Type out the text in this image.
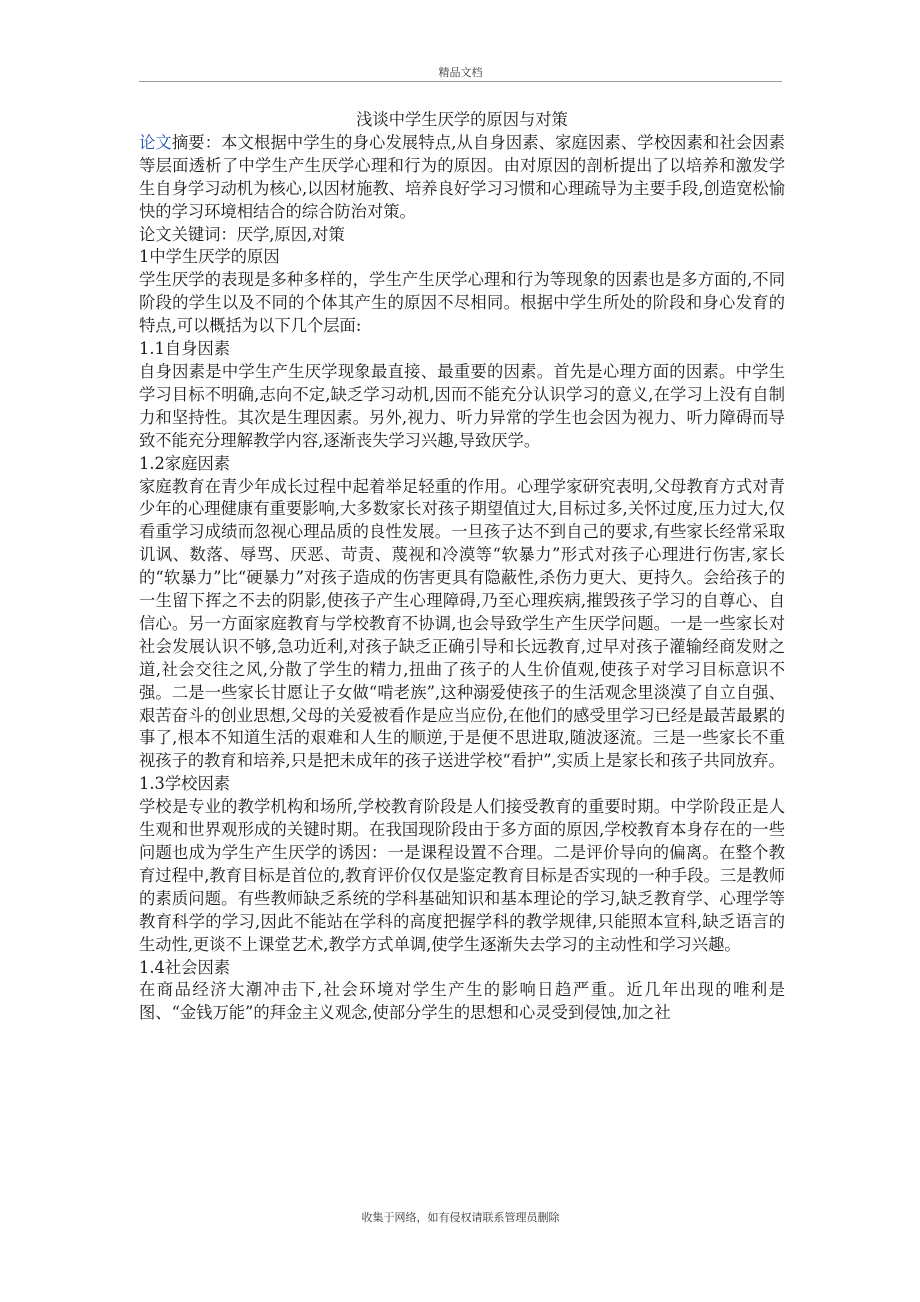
精品文档

浅谈中学生厌学的原因与对策

论文摘要：本文根据中学生的身心发展特点,从自身因素、家庭因素、学校因素和社会因素等层面透析了中学生产生厌学心理和行为的原因。由对原因的剖析提出了以培养和激发学生自身学习动机为核心,以因材施教、培养良好学习习惯和心理疏导为主要手段,创造宽松愉快的学习环境相结合的综合防治对策。

论文关键词：厌学,原因,对策

1中学生厌学的原因

学生厌学的表现是多种多样的，学生产生厌学心理和行为等现象的因素也是多方面的,不同阶段的学生以及不同的个体其产生的原因不尽相同。根据中学生所处的阶段和身心发育的特点,可以概括为以下几个层面:

1.1自身因素

自身因素是中学生产生厌学现象最直接、最重要的因素。首先是心理方面的因素。中学生学习目标不明确,志向不定,缺乏学习动机,因而不能充分认识学习的意义,在学习上没有自制力和坚持性。其次是生理因素。另外,视力、听力异常的学生也会因为视力、听力障碍而导致不能充分理解教学内容,逐渐丧失学习兴趣,导致厌学。

1.2家庭因素

家庭教育在青少年成长过程中起着举足轻重的作用。心理学家研究表明,父母教育方式对青少年的心理健康有重要影响,大多数家长对孩子期望值过大,目标过多,关怀过度,压力过大,仅看重学习成绩而忽视心理品质的良性发展。一旦孩子达不到自己的要求,有些家长经常采取讥讽、数落、辱骂、厌恶、苛责、蔑视和冷漠等“软暴力”形式对孩子心理进行伤害,家长的“软暴力”比“硬暴力”对孩子造成的伤害更具有隐蔽性,杀伤力更大、更持久。会给孩子的一生留下挥之不去的阴影,使孩子产生心理障碍,乃至心理疾病,摧毁孩子学习的自尊心、自信心。另一方面家庭教育与学校教育不协调,也会导致学生产生厌学问题。一是一些家长对社会发展认识不够,急功近利,对孩子缺乏正确引导和长远教育,过早对孩子灌输经商发财之道,社会交往之风,分散了学生的精力,扭曲了孩子的人生价值观,使孩子对学习目标意识不强。二是一些家长甘愿让子女做“啃老族”,这种溺爱使孩子的生活观念里淡漠了自立自强、艰苦奋斗的创业思想,父母的关爱被看作是应当应份,在他们的感受里学习已经是最苦最累的事了,根本不知道生活的艰难和人生的顺逆,于是便不思进取,随波逐流。三是一些家长不重视孩子的教育和培养,只是把未成年的孩子送进学校“看护”,实质上是家长和孩子共同放弃。

1.3学校因素

学校是专业的教学机构和场所,学校教育阶段是人们接受教育的重要时期。中学阶段正是人生观和世界观形成的关键时期。在我国现阶段由于多方面的原因,学校教育本身存在的一些问题也成为学生产生厌学的诱因：一是课程设置不合理。二是评价导向的偏离。在整个教育过程中,教育目标是首位的,教育评价仅仅是鉴定教育目标是否实现的一种手段。三是教师的素质问题。有些教师缺乏系统的学科基础知识和基本理论的学习,缺乏教育学、心理学等教育科学的学习,因此不能站在学科的高度把握学科的教学规律,只能照本宣科,缺乏语言的生动性,更谈不上课堂艺术,教学方式单调,使学生逐渐失去学习的主动性和学习兴趣。

1.4社会因素

在商品经济大潮冲击下,社会环境对学生产生的影响日趋严重。近几年出现的唯利是图、“金钱万能”的拜金主义观念,使部分学生的思想和心灵受到侵蚀,加之社

收集于网络，如有侵权请联系管理员删除
